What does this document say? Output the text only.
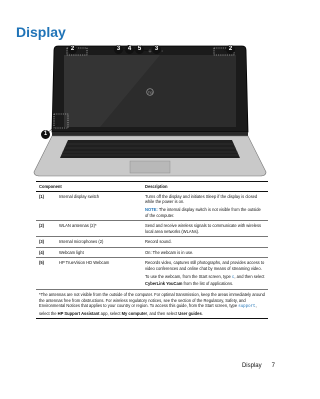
Display
hp
2	3	4	5	3	2
1
Component		Description
(1)	Internal display switch	Turns off the display and initiates Sleep if the display is closed while the power is on.
NOTE: The internal display switch is not visible from the outside of the computer.

(2)	WLAN antennas (2)*	Send and receive wireless signals to communicate with wireless local area networks (WLANs).
(3)	Internal microphones (2)	Record sound.
(4)	Webcam light	On: The webcam is in use.
(5)	HP TrueVision HD Webcam	Records video, captures still photographs, and provides access to video conferences and online chat by means of streaming video.
To use the webcam, from the Start screen, type c, and then select CyberLink YouCam from the list of applications.

*The antennas are not visible from the outside of the computer. For optimal transmission, keep the areas immediately around the antennas free from obstructions. For wireless regulatory notices, see the section of the Regulatory, Safety, and Environmental Notices that applies to your country or region. To access this guide, from the Start screen, type support, select the HP Support Assistant app, select My computer, and then select User guides.		
Display 7
